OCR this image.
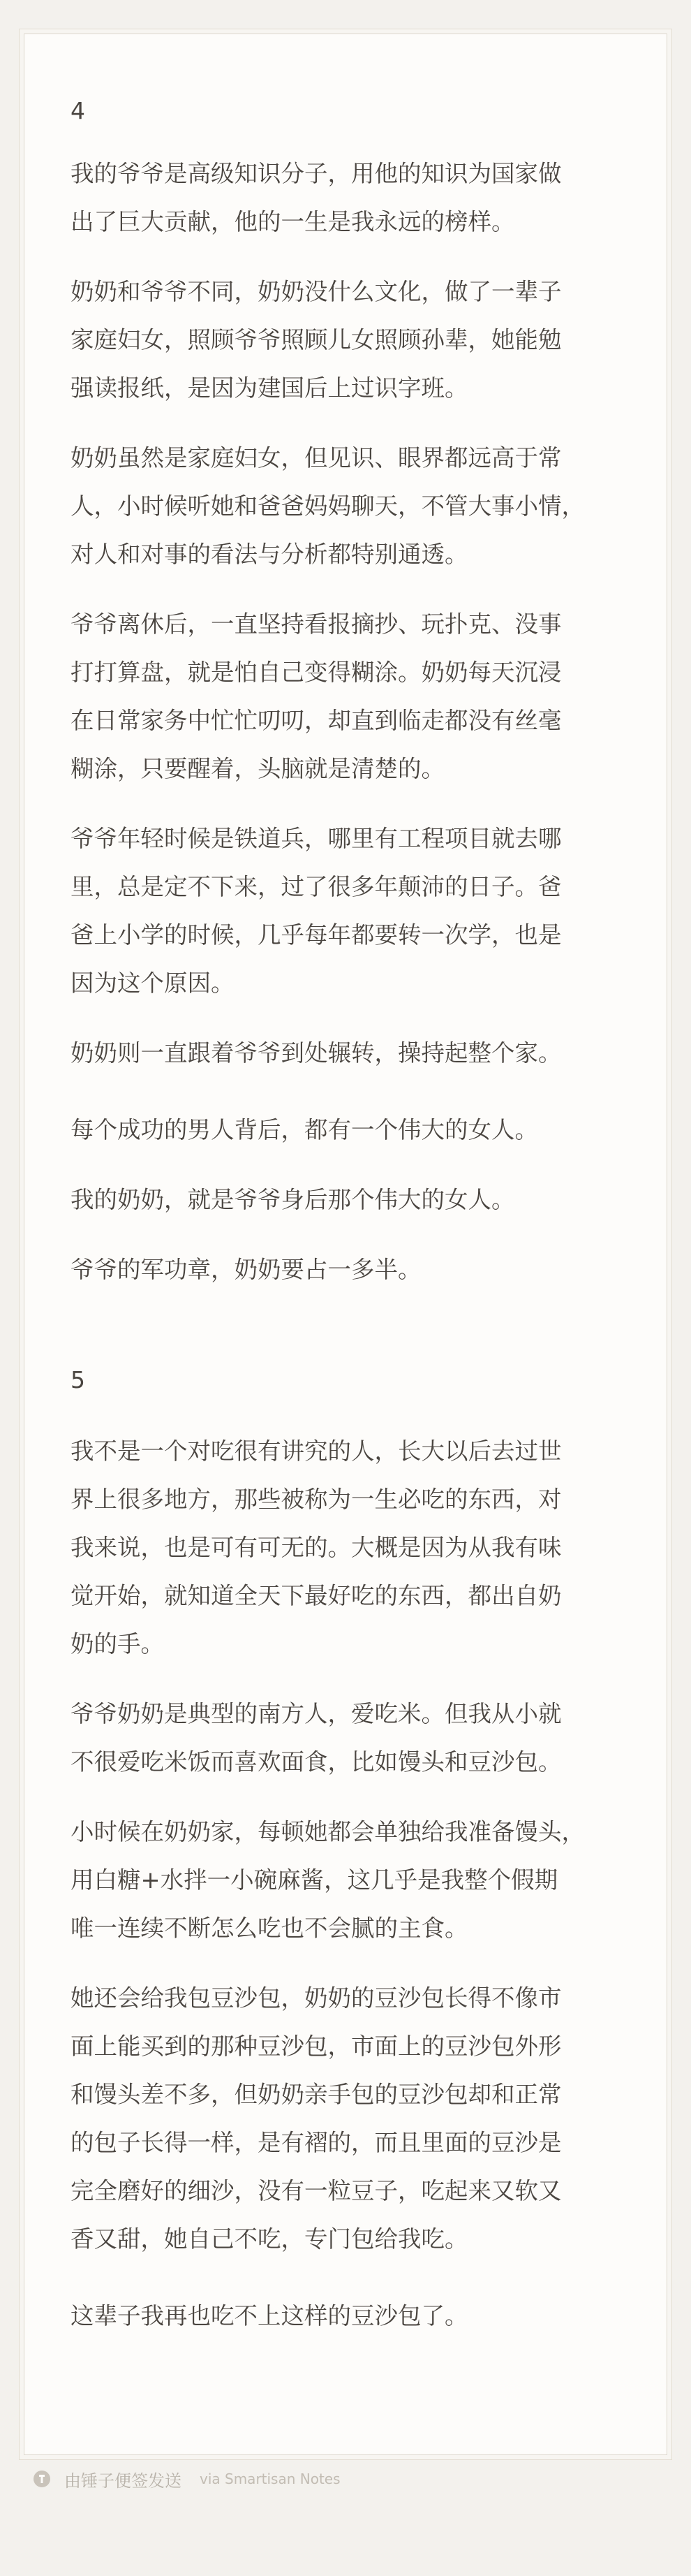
4

我的爷爷是高级知识分子，用他的知识为国家做
出了巨大贡献，他的一生是我永远的榜样。

奶奶和爷爷不同，奶奶没什么文化，做了一辈子
家庭妇女，照顾爷爷照顾儿女照顾孙辈，她能勉
强读报纸，是因为建国后上过识字班。

奶奶虽然是家庭妇女，但见识、眼界都远高于常
人，小时候听她和爸爸妈妈聊天，不管大事小情，
对人和对事的看法与分析都特别通透。

爷爷离休后，一直坚持看报摘抄、玩扑克、没事
打打算盘，就是怕自己变得糊涂。奶奶每天沉浸
在日常家务中忙忙叨叨，却直到临走都没有丝毫
糊涂，只要醒着，头脑就是清楚的。

爷爷年轻时候是铁道兵，哪里有工程项目就去哪
里，总是定不下来，过了很多年颠沛的日子。爸
爸上小学的时候，几乎每年都要转一次学，也是
因为这个原因。

奶奶则一直跟着爷爷到处辗转，操持起整个家。

每个成功的男人背后，都有一个伟大的女人。

我的奶奶，就是爷爷身后那个伟大的女人。

爷爷的军功章，奶奶要占一多半。

5

我不是一个对吃很有讲究的人，长大以后去过世
界上很多地方，那些被称为一生必吃的东西，对
我来说，也是可有可无的。大概是因为从我有味
觉开始，就知道全天下最好吃的东西，都出自奶
奶的手。

爷爷奶奶是典型的南方人，爱吃米。但我从小就
不很爱吃米饭而喜欢面食，比如馒头和豆沙包。

小时候在奶奶家，每顿她都会单独给我准备馒头，
用白糖+水拌一小碗麻酱，这几乎是我整个假期
唯一连续不断怎么吃也不会腻的主食。

她还会给我包豆沙包，奶奶的豆沙包长得不像市
面上能买到的那种豆沙包，市面上的豆沙包外形
和馒头差不多，但奶奶亲手包的豆沙包却和正常
的包子长得一样，是有褶的，而且里面的豆沙是
完全磨好的细沙，没有一粒豆子，吃起来又软又
香又甜，她自己不吃，专门包给我吃。

这辈子我再也吃不上这样的豆沙包了。

由锤子便签发送 via Smartisan Notes
